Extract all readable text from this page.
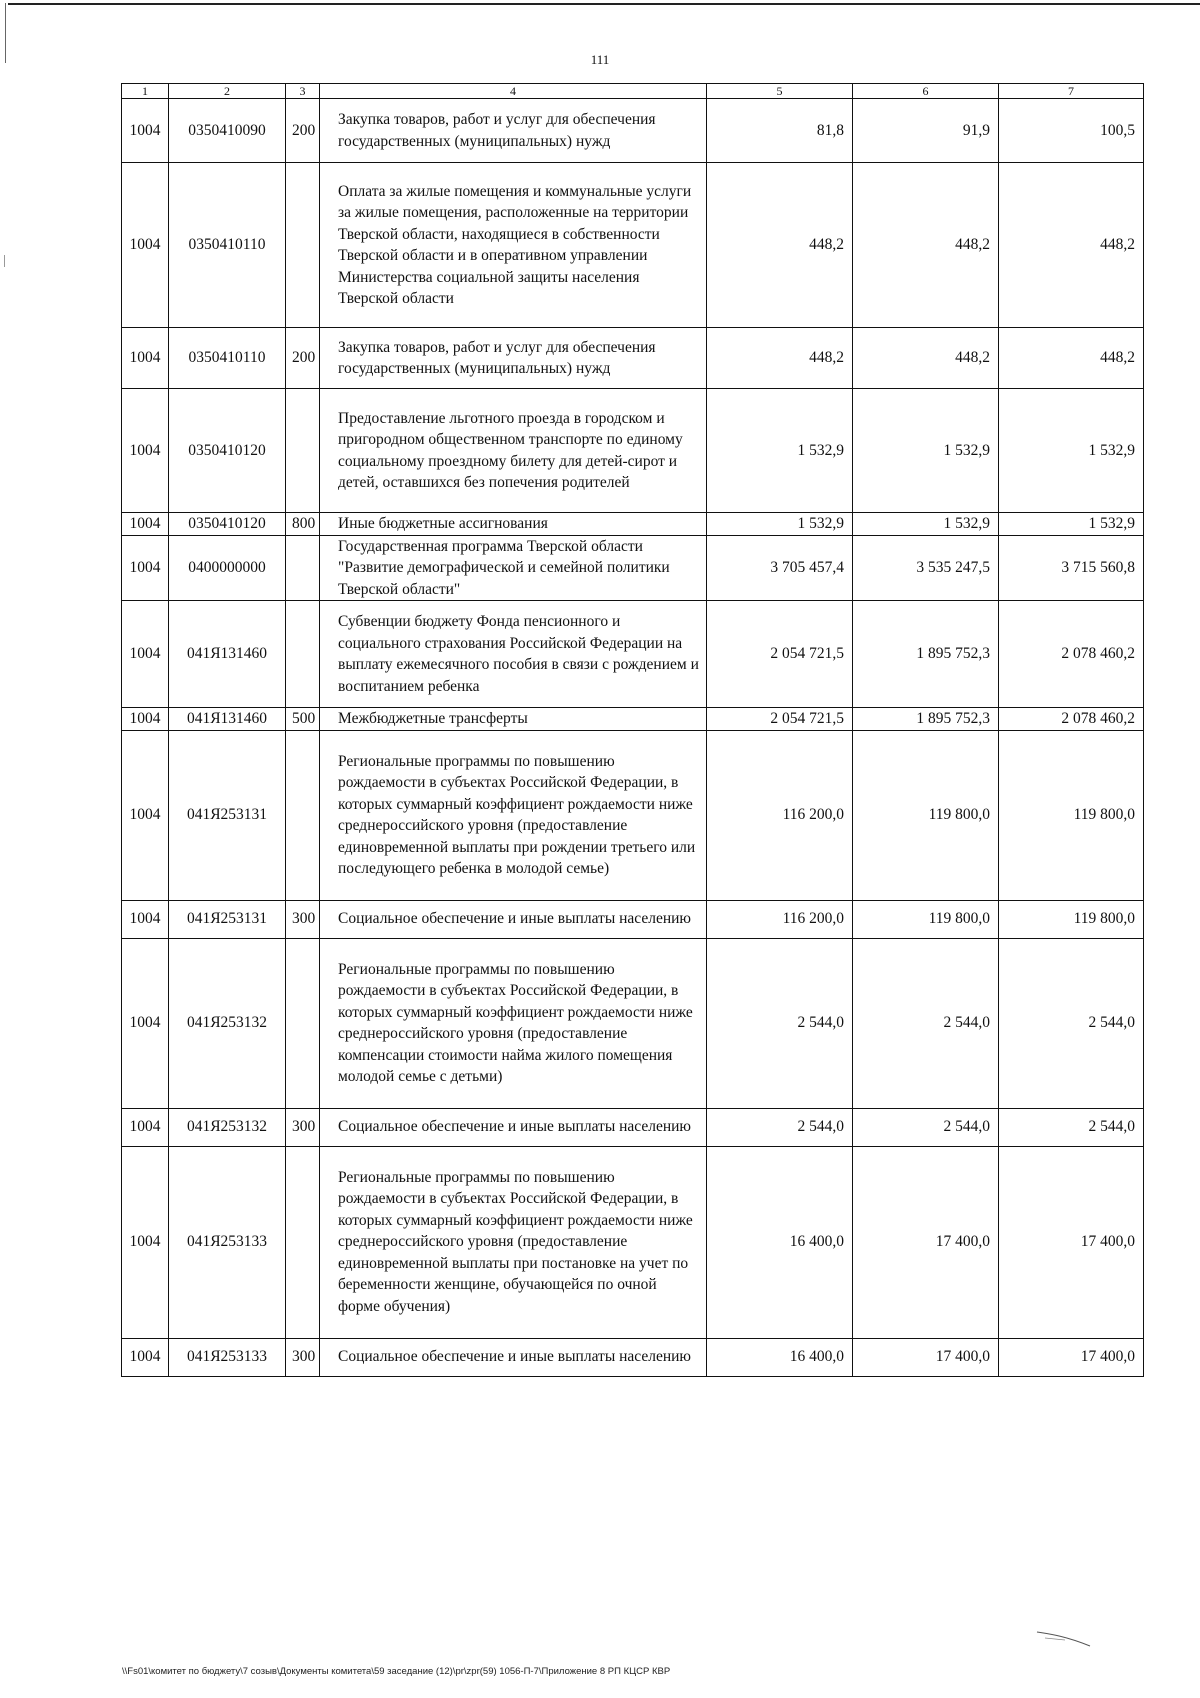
111
1	2	3	4	5	6	7
1004	0350410090	200	Закупка товаров, работ и услуг для обеспечения государственных (муниципальных) нужд	81,8	91,9	100,5
1004	0350410110		Оплата за жилые помещения и коммунальные услуги за жилые помещения, расположенные на территории Тверской области, находящиеся в собственности Тверской области и в оперативном управлении Министерства социальной защиты населения Тверской области	448,2	448,2	448,2
1004	0350410110	200	Закупка товаров, работ и услуг для обеспечения государственных (муниципальных) нужд	448,2	448,2	448,2
1004	0350410120		Предоставление льготного проезда в городском и пригородном общественном транспорте по единому социальному проездному билету для детей-сирот и детей, оставшихся без попечения родителей	1 532,9	1 532,9	1 532,9
1004	0350410120	800	Иные бюджетные ассигнования	1 532,9	1 532,9	1 532,9
1004	0400000000		Государственная программа Тверской области "Развитие демографической и семейной политики Тверской области"	3 705 457,4	3 535 247,5	3 715 560,8
1004	041Я131460		Субвенции бюджету Фонда пенсионного и социального страхования Российской Федерации на выплату ежемесячного пособия в связи с рождением и воспитанием ребенка	2 054 721,5	1 895 752,3	2 078 460,2
1004	041Я131460	500	Межбюджетные трансферты	2 054 721,5	1 895 752,3	2 078 460,2
1004	041Я253131		Региональные программы по повышению рождаемости в субъектах Российской Федерации, в которых суммарный коэффициент рождаемости ниже среднероссийского уровня (предоставление единовременной выплаты при рождении третьего или последующего ребенка в молодой семье)	116 200,0	119 800,0	119 800,0
1004	041Я253131	300	Социальное обеспечение и иные выплаты населению	116 200,0	119 800,0	119 800,0
1004	041Я253132		Региональные программы по повышению рождаемости в субъектах Российской Федерации, в которых суммарный коэффициент рождаемости ниже среднероссийского уровня (предоставление компенсации стоимости найма жилого помещения молодой семье с детьми)	2 544,0	2 544,0	2 544,0
1004	041Я253132	300	Социальное обеспечение и иные выплаты населению	2 544,0	2 544,0	2 544,0
1004	041Я253133		Региональные программы по повышению рождаемости в субъектах Российской Федерации, в которых суммарный коэффициент рождаемости ниже среднероссийского уровня (предоставление единовременной выплаты при постановке на учет по беременности женщине, обучающейся по очной форме обучения)	16 400,0	17 400,0	17 400,0
1004	041Я253133	300	Социальное обеспечение и иные выплаты населению	16 400,0	17 400,0	17 400,0
\\Fs01\комитет по бюджету\7 созыв\Документы комитета\59 заседание (12)\pr\zpr(59) 1056-П-7\Приложение 8 РП КЦСР КВР
